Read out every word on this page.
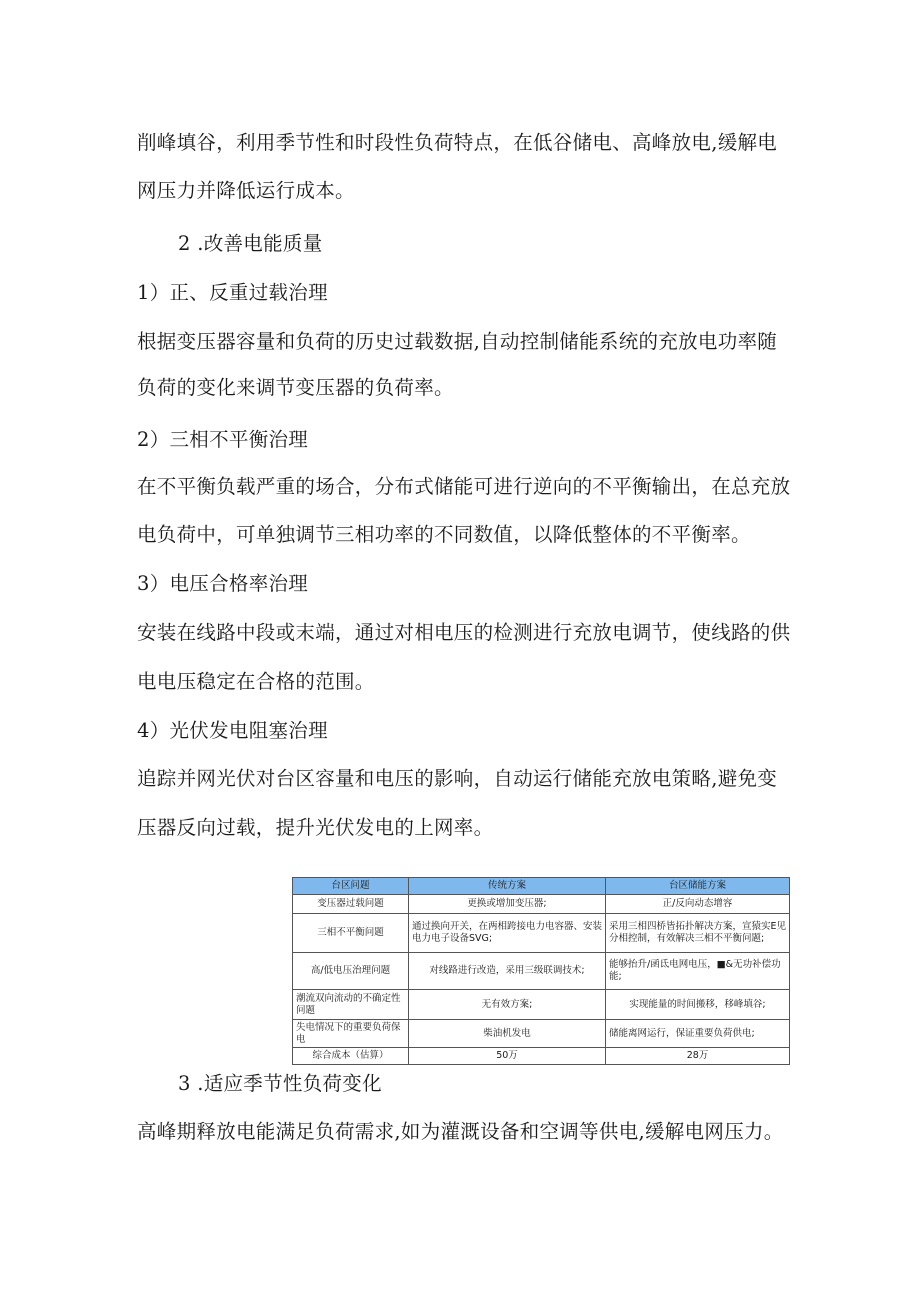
削峰填谷，利用季节性和时段性负荷特点，在低谷储电、高峰放电,缓解电
网压力并降低运行成本。
2 .改善电能质量
1）正、反重过载治理
根据变压器容量和负荷的历史过载数据,自动控制储能系统的充放电功率随
负荷的变化来调节变压器的负荷率。
2）三相不平衡治理
在不平衡负载严重的场合，分布式储能可进行逆向的不平衡输出，在总充放
电负荷中，可单独调节三相功率的不同数值，以降低整体的不平衡率。
3）电压合格率治理
安装在线路中段或末端，通过对相电压的检测进行充放电调节，使线路的供
电电压稳定在合格的范围。
4）光伏发电阻塞治理
追踪并网光伏对台区容量和电压的影响，自动运行储能充放电策略,避免变
压器反向过载，提升光伏发电的上网率。
台区问题	传统方案	台区储能方案
变压器过载问题	更换或增加变压器;	正/反向动态增容
三相不平衡问题	通过换向开关，在两相跨接电力电容器、安装电力电子设备SVG;	采用三相四桥皆拓扑解决方案，宣猿实E见分相控制，有效解决三相不平衡问题;
高/低电压治理问题	对线路进行改造，采用三级联调技术;	能够抬升/函氐电网电压，■&无功补偿功能;
潮流双向流动的不确定性问题	无有效方案;	实现能量的时间搬移，移峰填谷;
失电情况下的重要负荷保电	柴油机发电	储能离网运行，保证重要负荷供电;
综合成本（估算）	50万	28万
3 .适应季节性负荷变化
高峰期释放电能满足负荷需求,如为灌溉设备和空调等供电,缓解电网压力。
